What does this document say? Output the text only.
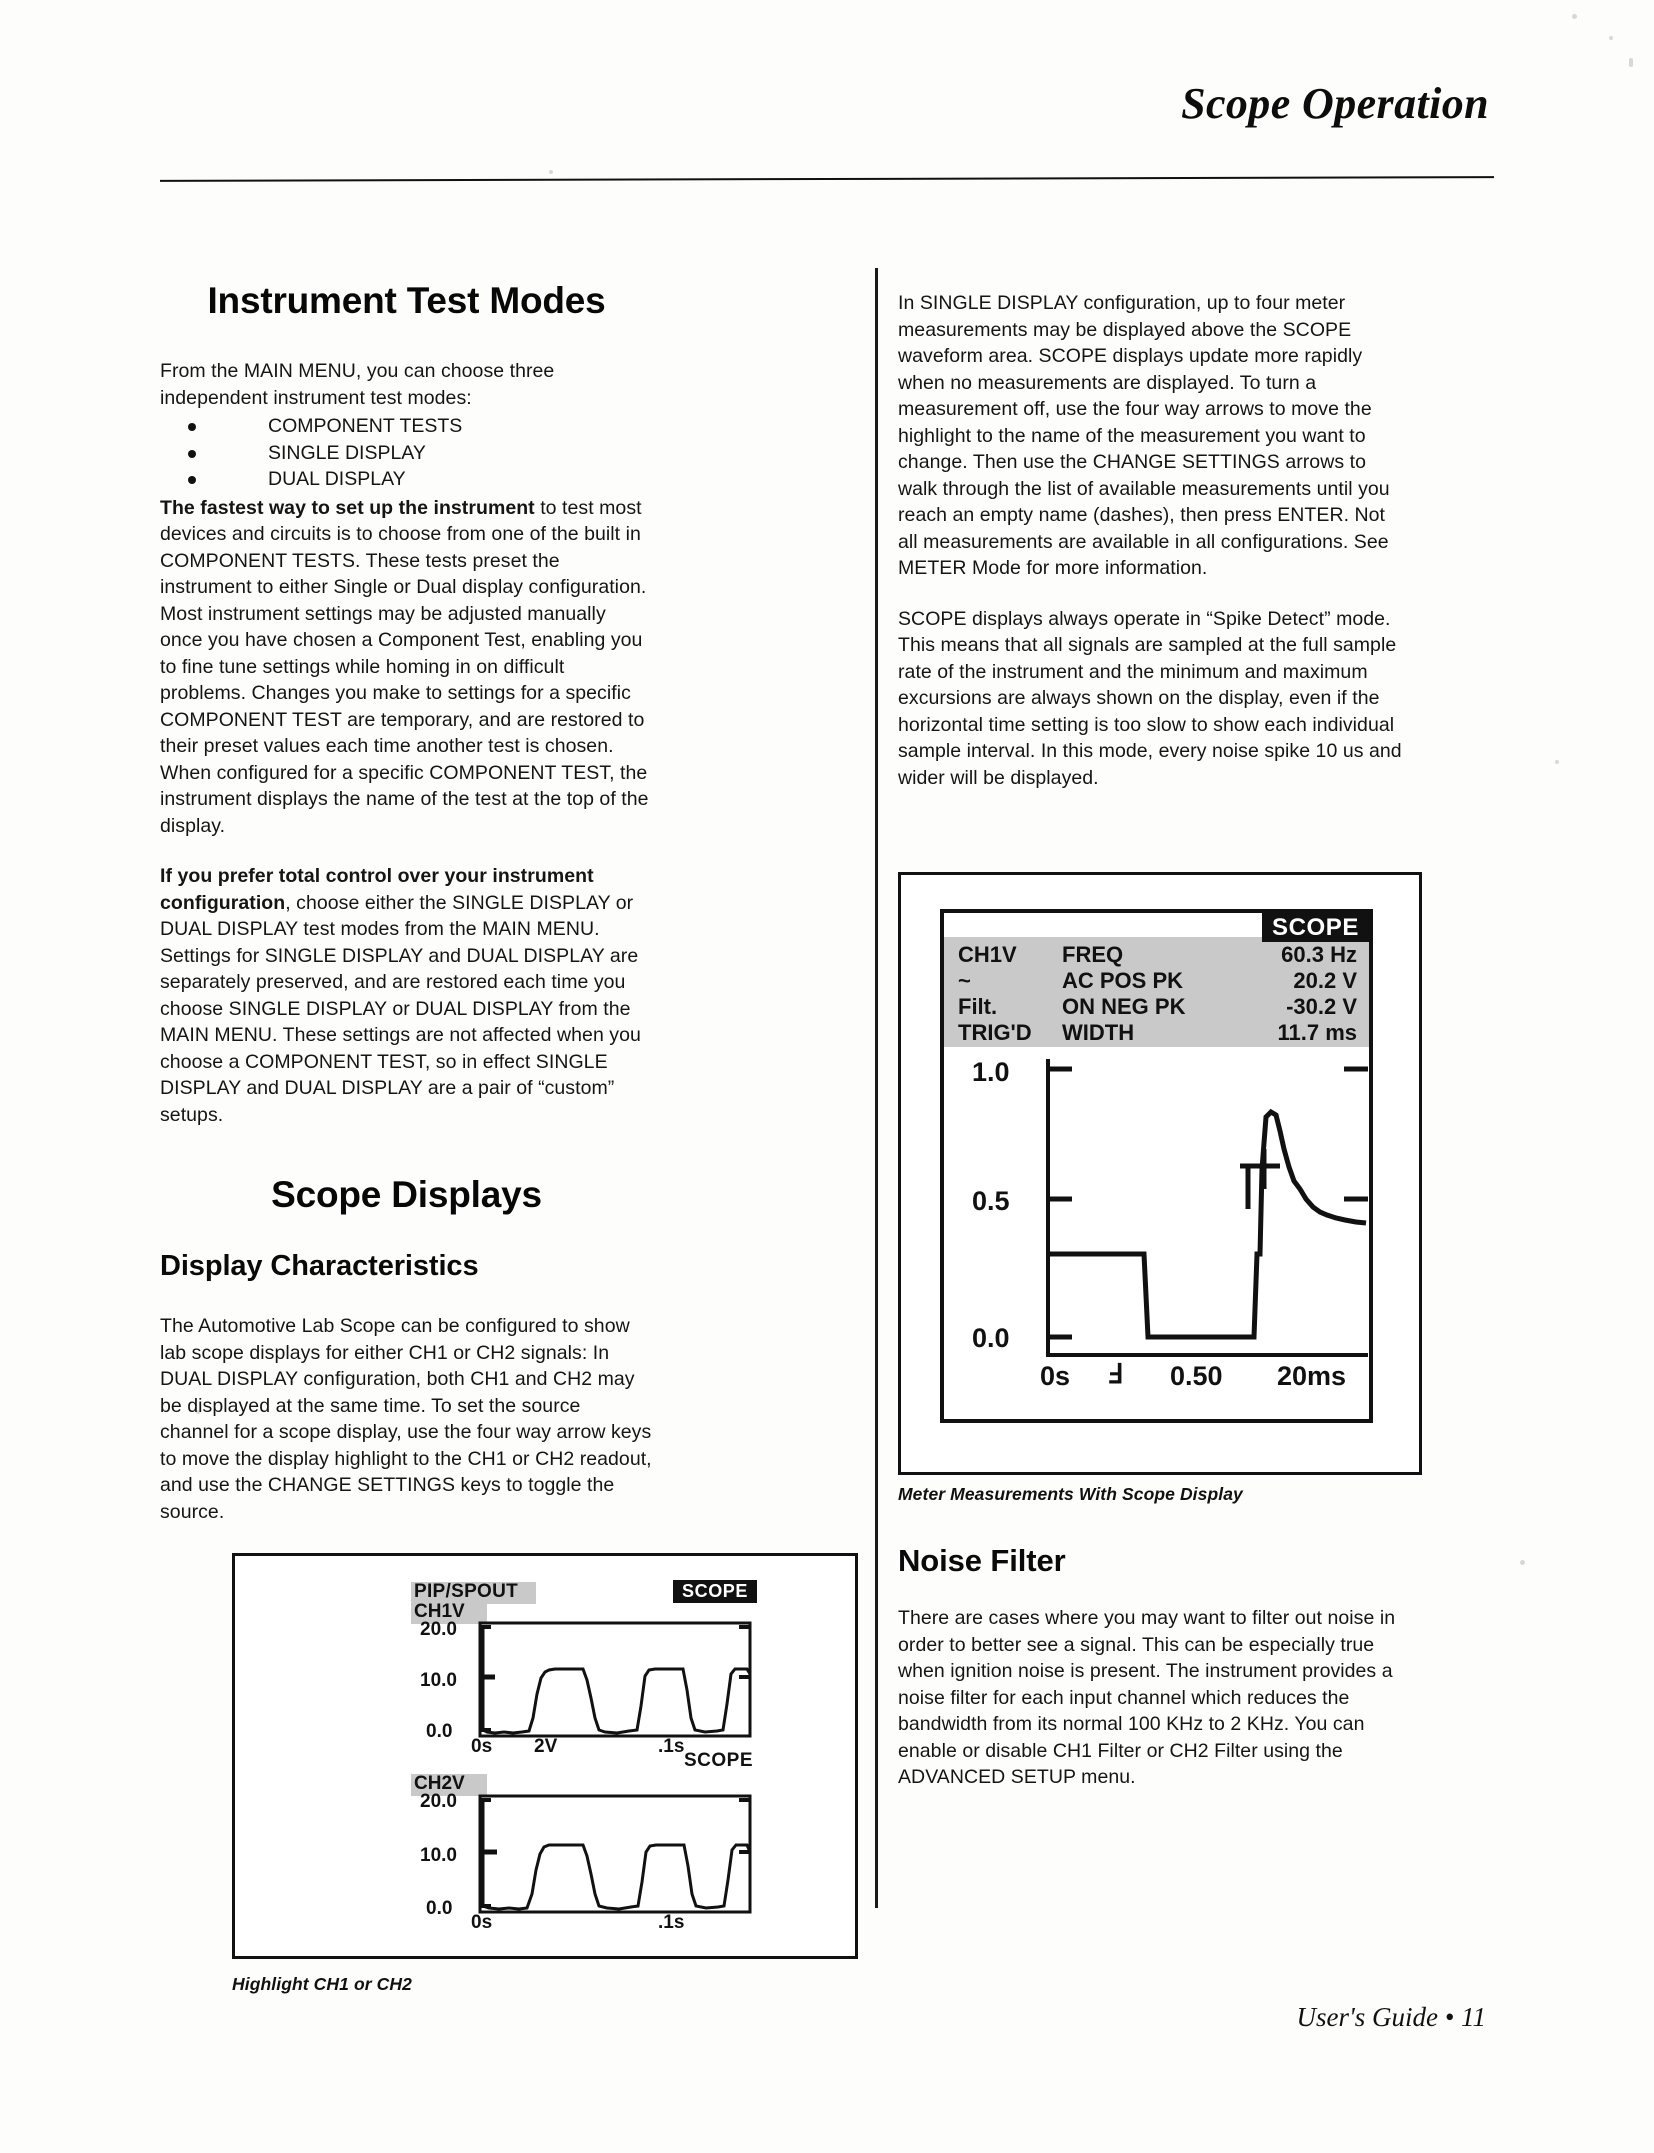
Scope Operation
Instrument Test Modes

From the MAIN MENU, you can choose three independent instrument test modes:

COMPONENT TESTS
SINGLE DISPLAY
DUAL DISPLAY

The fastest way to set up the instrument to test most devices and circuits is to choose from one of the built in COMPONENT TESTS. These tests preset the instrument to either Single or Dual display configuration. Most instrument settings may be adjusted manually once you have chosen a Component Test, enabling you to fine tune settings while homing in on difficult problems. Changes you make to settings for a specific COMPONENT TEST are temporary, and are restored to their preset values each time another test is chosen. When configured for a specific COMPONENT TEST, the instrument displays the name of the test at the top of the display.

If you prefer total control over your instrument configuration, choose either the SINGLE DISPLAY or DUAL DISPLAY test modes from the MAIN MENU. Settings for SINGLE DISPLAY and DUAL DISPLAY are separately preserved, and are restored each time you choose SINGLE DISPLAY or DUAL DISPLAY from the MAIN MENU. These settings are not affected when you choose a COMPONENT TEST, so in effect SINGLE DISPLAY and DUAL DISPLAY are a pair of “custom” setups.

Scope Displays
Display Characteristics

The Automotive Lab Scope can be configured to show lab scope displays for either CH1 or CH2 signals: In DUAL DISPLAY configuration, both CH1 and CH2 may be displayed at the same time. To set the source channel for a scope display, use the four way arrow keys to move the display highlight to the CH1 or CH2 readout, and use the CHANGE SETTINGS keys to toggle the source.

In SINGLE DISPLAY configuration, up to four meter measurements may be displayed above the SCOPE waveform area. SCOPE displays update more rapidly when no measurements are displayed. To turn a measurement off, use the four way arrows to move the highlight to the name of the measurement you want to change. Then use the CHANGE SETTINGS arrows to walk through the list of available measurements until you reach an empty name (dashes), then press ENTER. Not all measurements are available in all configurations. See METER Mode for more information.

SCOPE displays always operate in “Spike Detect” mode. This means that all signals are sampled at the full sample rate of the instrument and the minimum and maximum excursions are always shown on the display, even if the horizontal time setting is too slow to show each individual sample interval. In this mode, every noise spike 10 us and wider will be displayed.

Noise Filter

There are cases where you may want to filter out noise in order to better see a signal. This can be especially true when ignition noise is present. The instrument provides a noise filter for each input channel which reduces the bandwidth from its normal 100 KHz to 2 KHz. You can enable or disable CH1 Filter or CH2 Filter using the ADVANCED SETUP menu.

SCOPE
CH1V FREQ	60.3 Hz
~	AC POS PK	20.2 V
Filt.	ON NEG PK	-30.2 V
TRIG'D WIDTH	11.7 ms
1.0
0.5
0.0
0s Ⅎ 0.50 20ms
Meter Measurements With Scope Display
PIP/SPOUT
CH1V
SCOPE
20.0
10.0
0.0
0s 2V	.1s
SCOPE
CH2V
20.0
10.0
0.0
0s	.1s
Highlight CH1 or CH2
User's Guide • 11
